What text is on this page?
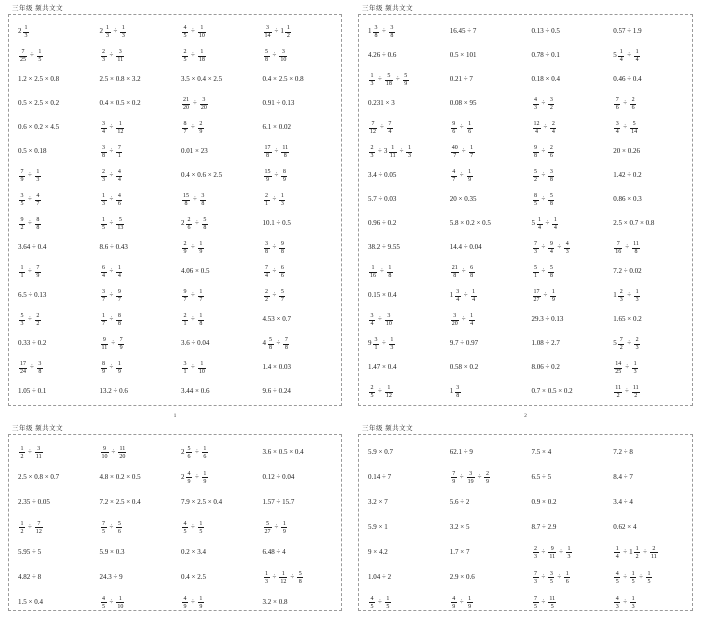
三年级 频共文文
$2 \frac{1}{3}$	$2 \frac{1}{3} \div \frac{1}{3}$	$\frac{4}{5} \div \frac{1}{10}$	$\frac{3}{14} \div 1 \frac{1}{2}$
$\frac{7}{25} \div \frac{1}{5}$	$\frac{2}{3} \div \frac{3}{11}$	$\frac{2}{5} \div \frac{1}{18}$	$\frac{5}{8} \div \frac{3}{10}$
1.2 × 2.5 × 0.8	2.5 × 0.8 × 3.2	3.5 × 0.4 × 2.5	0.4 × 2.5 × 0.8
0.5 × 2.5 × 0.2	0.4 × 0.5 × 0.2	$\frac{21}{20} \div \frac{3}{20}$	0.91 ÷ 0.13
0.6 × 0.2 × 4.5	$\frac{3}{4} \div \frac{1}{12}$	$\frac{8}{7} \div \frac{2}{9}$	6.1 × 0.02
0.5 × 0.18	$\frac{3}{8} \div \frac{7}{1}$	0.01 × 23	$\frac{17}{8} \div \frac{11}{8}$
$\frac{7}{9} \div \frac{1}{3}$	$\frac{2}{3} \div \frac{4}{4}$	0.4 × 0.6 × 2.5	$\frac{15}{9} \div \frac{8}{9}$
$\frac{3}{5} \div \frac{4}{7}$	$\frac{1}{3} \div \frac{4}{6}$	$\frac{15}{8} \div \frac{3}{8}$	$\frac{2}{1} \div \frac{1}{3}$
$\frac{9}{2} \div \frac{8}{8}$	$\frac{1}{5} \div \frac{5}{13}$	$2 \frac{2}{6} \div \frac{5}{8}$	10.1 ÷ 0.5
3.64 ÷ 0.4	8.6 ÷ 0.43	$\frac{2}{9} \div \frac{1}{9}$	$\frac{3}{8} \div \frac{9}{8}$
$\frac{1}{1} \div \frac{7}{9}$	$\frac{6}{4} \div \frac{1}{4}$	4.06 × 0.5	$\frac{7}{4} \div \frac{6}{6}$
6.5 ÷ 0.13	$\frac{3}{7} \div \frac{9}{7}$	$\frac{9}{7} \div \frac{1}{7}$	$\frac{2}{2} \div \frac{5}{7}$
$\frac{5}{3} \div \frac{2}{2}$	$\frac{1}{7} \div \frac{8}{8}$	$\frac{2}{1} \div \frac{1}{8}$	4.53 × 0.7
0.33 ÷ 0.2	$\frac{9}{11} \div \frac{7}{9}$	3.6 ÷ 0.04	$4 \frac{5}{8} \div \frac{7}{8}$
$\frac{17}{24} \div \frac{3}{8}$	$\frac{8}{9} \div \frac{1}{9}$	$\frac{3}{1} \div \frac{1}{10}$	1.4 × 0.03
1.05 ÷ 0.1	13.2 ÷ 0.6	3.44 × 0.6	9.6 ÷ 0.24
1
三年级 频共文文
$1 \frac{3}{8} \div \frac{3}{8}$	16.45 ÷ 7	0.13 ÷ 0.5	0.57 ÷ 1.9
4.26 ÷ 0.6	0.5 × 101	0.78 ÷ 0.1	$5 \frac{1}{4} \div \frac{1}{4}$
$\frac{1}{3} \div \frac{5}{18} \div \frac{5}{9}$	0.21 ÷ 7	0.18 × 0.4	0.46 ÷ 0.4
0.231 × 3	0.08 × 95	$\frac{4}{3} \div \frac{3}{2}$	$\frac{7}{6} \div \frac{2}{6}$
$\frac{7}{12} \div \frac{7}{4}$	$\frac{9}{6} \div \frac{1}{6}$	$\frac{12}{4} \div \frac{2}{4}$	$\frac{3}{4} \div \frac{5}{14}$
$\frac{2}{3} \div 3 \frac{1}{11} \div \frac{1}{3}$	$\frac{40}{7} \div \frac{1}{7}$	$\frac{9}{8} \div \frac{2}{6}$	20 × 0.26
3.4 ÷ 0.05	$\frac{4}{7} \div \frac{1}{9}$	$\frac{5}{2} \div \frac{3}{8}$	1.42 ÷ 0.2
5.7 ÷ 0.03	20 × 0.35	$\frac{8}{5} \div \frac{5}{8}$	0.86 × 0.3
0.96 ÷ 0.2	5.8 × 0.2 × 0.5	$5 \frac{1}{4} \div \frac{1}{4}$	2.5 × 0.7 × 0.8
38.2 ÷ 9.55	14.4 ÷ 0.04	$\frac{7}{3} \div \frac{9}{4} \div \frac{4}{3}$	$\frac{7}{16} \div \frac{11}{8}$
$\frac{1}{16} \div \frac{1}{8}$	$\frac{21}{8} \div \frac{6}{8}$	$\frac{5}{1} \div \frac{5}{8}$	7.2 ÷ 0.02
0.15 × 0.4	$1 \frac{3}{4} \div \frac{1}{4}$	$\frac{17}{27} \div \frac{1}{9}$	$1 \frac{2}{3} \div \frac{1}{3}$
$\frac{3}{4} \div \frac{3}{10}$	$\frac{3}{20} \div \frac{1}{4}$	29.3 ÷ 0.13	1.65 × 0.2
$9 \frac{3}{1} \div \frac{1}{3}$	9.7 ÷ 0.97	1.08 ÷ 2.7	$5 \frac{7}{2} \div \frac{2}{3}$
1.47 × 0.4	0.58 × 0.2	8.06 ÷ 0.2	$\frac{14}{25} \div \frac{1}{3}$
$\frac{2}{5} \div \frac{1}{12}$	$1 \frac{3}{8}$	0.7 × 0.5 × 0.2	$\frac{11}{2} \div \frac{11}{2}$
2
三年级 频共文文
$\frac{1}{2} \div \frac{3}{11}$	$\frac{9}{10} \div \frac{11}{20}$	$2 \frac{5}{6} \div \frac{1}{6}$	3.6 × 0.5 × 0.4
2.5 × 0.8 × 0.7	4.8 × 0.2 × 0.5	$2 \frac{4}{9} \div \frac{1}{9}$	0.12 ÷ 0.04
2.35 ÷ 0.05	7.2 × 2.5 × 0.4	7.9 × 2.5 × 0.4	1.57 ÷ 15.7
$\frac{1}{2} \div \frac{7}{12}$	$\frac{7}{5} \div \frac{5}{6}$	$\frac{4}{5} \div \frac{1}{5}$	$\frac{5}{27} \div \frac{1}{9}$
5.95 ÷ 5	5.9 × 0.3	0.2 × 3.4	6.48 ÷ 4
4.82 ÷ 8	24.3 ÷ 9	0.4 × 2.5	$\frac{1}{3} \div \frac{1}{12} \div \frac{5}{8}$
1.5 × 0.4	$\frac{4}{5} \div \frac{1}{10}$	$\frac{4}{9} \div \frac{1}{9}$	3.2 × 0.8
三年级 频共文文
5.9 × 0.7	62.1 ÷ 9	7.5 × 4	7.2 ÷ 8
0.14 ÷ 7	$\frac{7}{9} \div \frac{3}{19} \div \frac{2}{9}$	6.5 ÷ 5	8.4 ÷ 7
3.2 × 7	5.6 ÷ 2	0.9 × 0.2	3.4 ÷ 4
5.9 × 1	3.2 × 5	8.7 ÷ 2.9	0.62 × 4
9 × 4.2	1.7 × 7	$\frac{2}{3} \div \frac{9}{11} \div \frac{1}{3}$	$\frac{1}{4} \div 1 \frac{1}{2} \div \frac{2}{11}$
1.04 ÷ 2	2.9 × 0.6	$\frac{7}{3} \div \frac{3}{5} \div \frac{1}{6}$	$\frac{4}{5} \div \frac{1}{5} \div \frac{1}{5}$
$\frac{4}{5} \div \frac{1}{5}$	$\frac{4}{9} \div \frac{1}{9}$	$\frac{7}{5} \div \frac{11}{5}$	$\frac{4}{3} \div \frac{1}{3}$
